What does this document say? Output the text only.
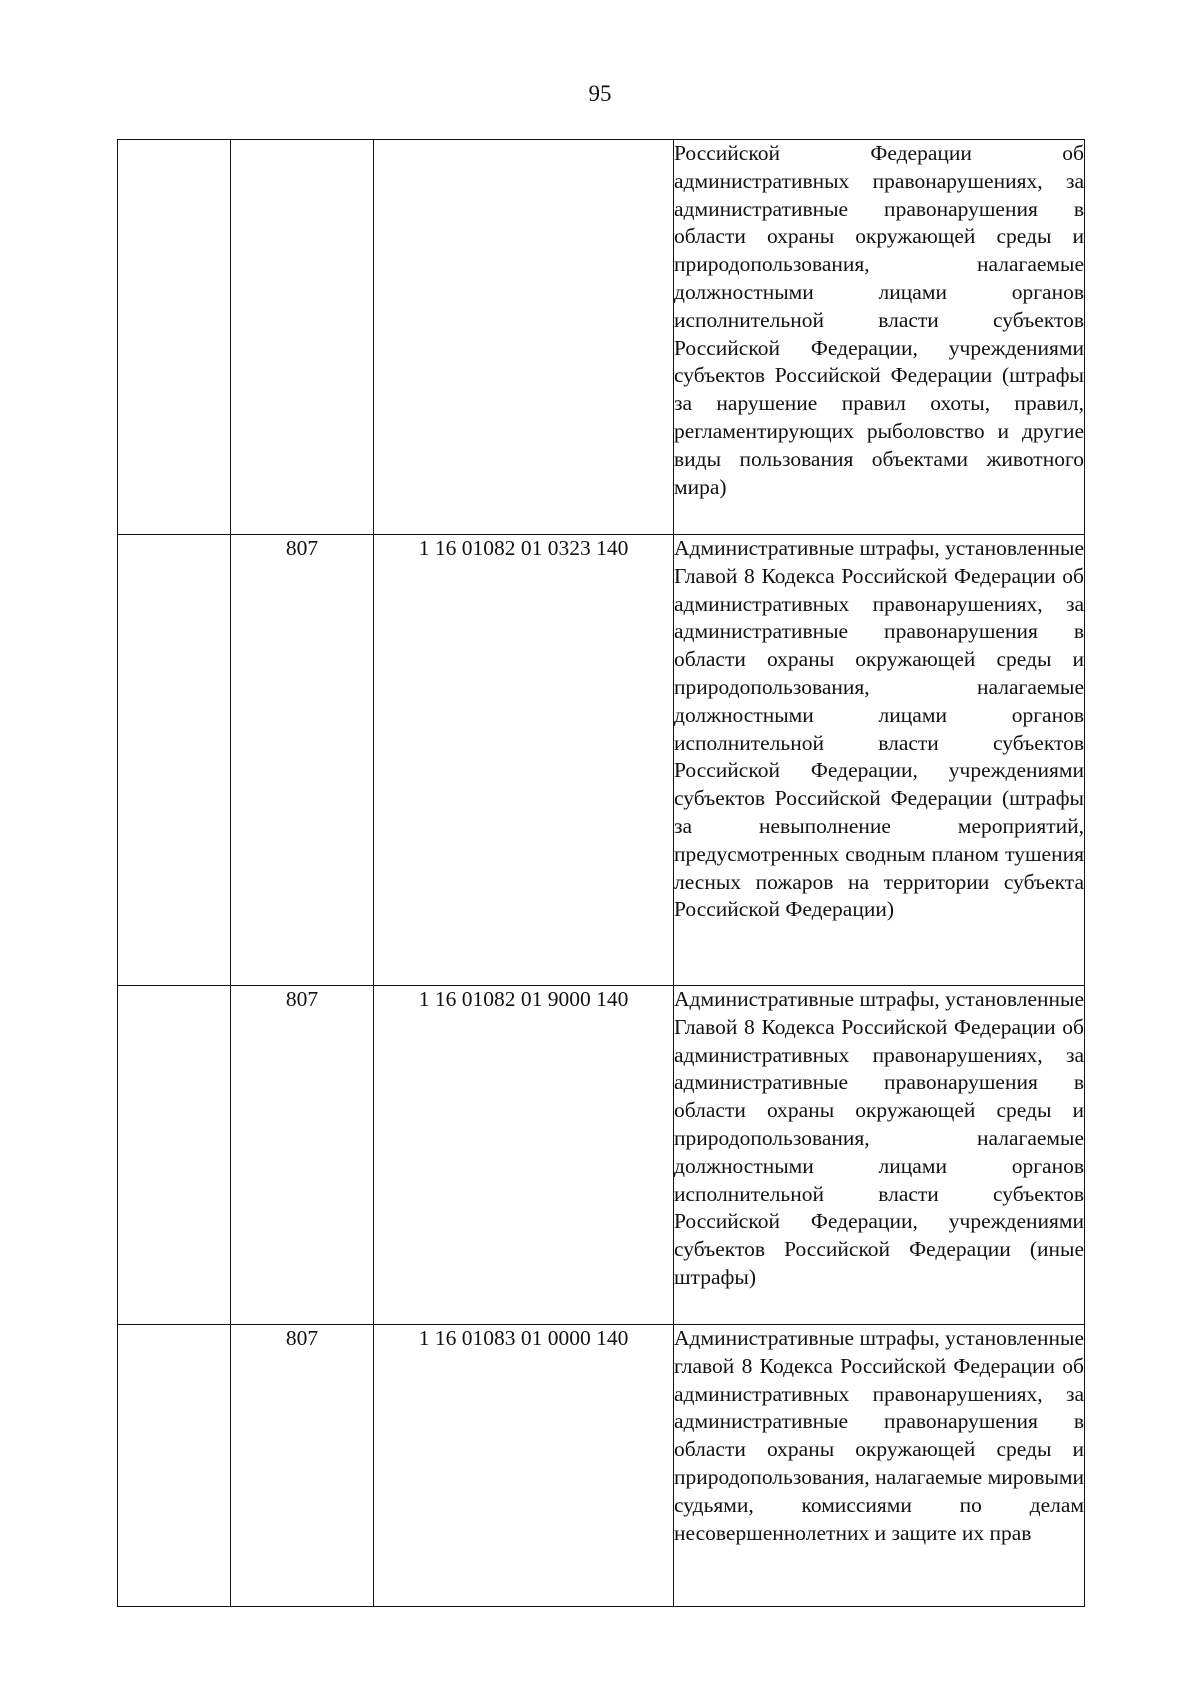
95

			Российской Федерации об административных правонарушениях, за административные правонарушения в области охраны окружающей среды и природопользования, налагаемые должностными лицами органов исполнительной власти субъектов Российской Федерации, учреждениями субъектов Российской Федерации (штрафы за нарушение правил охоты, правил, регламентирующих рыболовство и другие виды пользования объектами животного мира)

	807	1 16 01082 01 0323 140	Административные штрафы, установленные Главой 8 Кодекса Российской Федерации об административных правонарушениях, за административные правонарушения в области охраны окружающей среды и природопользования, налагаемые должностными лицами органов исполнительной власти субъектов Российской Федерации, учреждениями субъектов Российской Федерации (штрафы за невыполнение мероприятий, предусмотренных сводным планом тушения лесных пожаров на территории субъекта Российской Федерации)

	807	1 16 01082 01 9000 140	Административные штрафы, установленные Главой 8 Кодекса Российской Федерации об административных правонарушениях, за административные правонарушения в области охраны окружающей среды и природопользования, налагаемые должностными лицами органов исполнительной власти субъектов Российской Федерации, учреждениями субъектов Российской Федерации (иные штрафы)

	807	1 16 01083 01 0000 140	Административные штрафы, установленные главой 8 Кодекса Российской Федерации об административных правонарушениях, за административные правонарушения в области охраны окружающей среды и природопользования, налагаемые мировыми судьями, комиссиями по делам несовершеннолетних и защите их прав
